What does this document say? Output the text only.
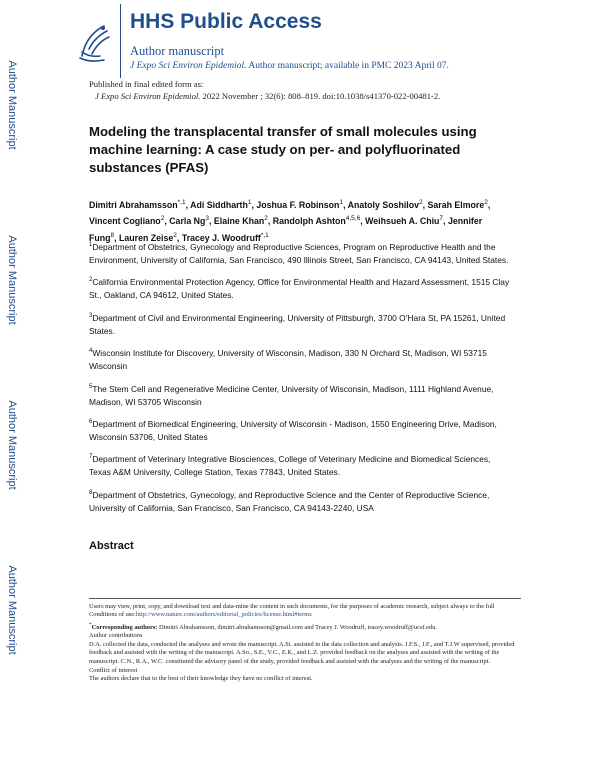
Author Manuscript
Author Manuscript
Author Manuscript
Author Manuscript
HHS Public Access
Author manuscript
J Expo Sci Environ Epidemiol. Author manuscript; available in PMC 2023 April 07.
Published in final edited form as:
J Expo Sci Environ Epidemiol. 2022 November ; 32(6): 808–819. doi:10.1038/s41370-022-00481-2.
Modeling the transplacental transfer of small molecules using machine learning: A case study on per- and polyfluorinated substances (PFAS)
Dimitri Abrahamsson$^{*,1}$, Adi Siddharth$^1$, Joshua F. Robinson$^1$, Anatoly Soshilov$^2$, Sarah Elmore$^2$, Vincent Cogliano$^2$, Carla Ng$^3$, Elaine Khan$^2$, Randolph Ashton$^{4,5,6}$, Weihsueh A. Chiu$^7$, Jennifer Fung$^8$, Lauren Zeise$^2$, Tracey J. Woodruff$^{*,1}$

$^1$Department of Obstetrics, Gynecology and Reproductive Sciences, Program on Reproductive Health and the Environment, University of California, San Francisco, 490 Illinois Street, San Francisco, CA 94143, United States.

$^2$California Environmental Protection Agency, Office for Environmental Health and Hazard Assessment, 1515 Clay St., Oakland, CA 94612, United States.

$^3$Department of Civil and Environmental Engineering, University of Pittsburgh, 3700 O’Hara St, PA 15261, United States.

$^4$Wisconsin Institute for Discovery, University of Wisconsin, Madison, 330 N Orchard St, Madison, WI 53715 Wisconsin

$^5$The Stem Cell and Regenerative Medicine Center, University of Wisconsin, Madison, 1111 Highland Avenue, Madison, WI 53705 Wisconsin

$^6$Department of Biomedical Engineering, University of Wisconsin - Madison, 1550 Engineering Drive, Madison, Wisconsin 53706, United States

$^7$Department of Veterinary Integrative Biosciences, College of Veterinary Medicine and Biomedical Sciences, Texas A&M University, College Station, Texas 77843, United States.

$^8$Department of Obstetrics, Gynecology, and Reproductive Science and the Center of Reproductive Science, University of California, San Francisco, San Francisco, CA 94143-2240, USA

Abstract

Users may view, print, copy, and download text and data-mine the content in such documents, for the purposes of academic research, subject always to the full Conditions of use:http://www.nature.com/authors/editorial_policies/license.html#terms

*Corresponding authors: Dimitri Abrahamsson, dimitri.abrahamsson@gmail.com and Tracey J. Woodruff, tracey.woodruff@ucsf.edu.

Author contributions

D.A. collected the data, conducted the analyses and wrote the manuscript. A.Si. assisted in the data collection and analysis. J.F.S., J.F., and T.J.W supervised, provided feedback and assisted with the writing of the manuscript. A.So., S.E., V.C., E.K., and L.Z. provided feedback on the analyses and assisted with the writing of the manuscript. C.N., R.A., W.C. constituted the advisory panel of the study, provided feedback and assisted with the analyses and the writing of the manuscript.

Conflict of interest

The authors declare that to the best of their knowledge they have no conflict of interest.
